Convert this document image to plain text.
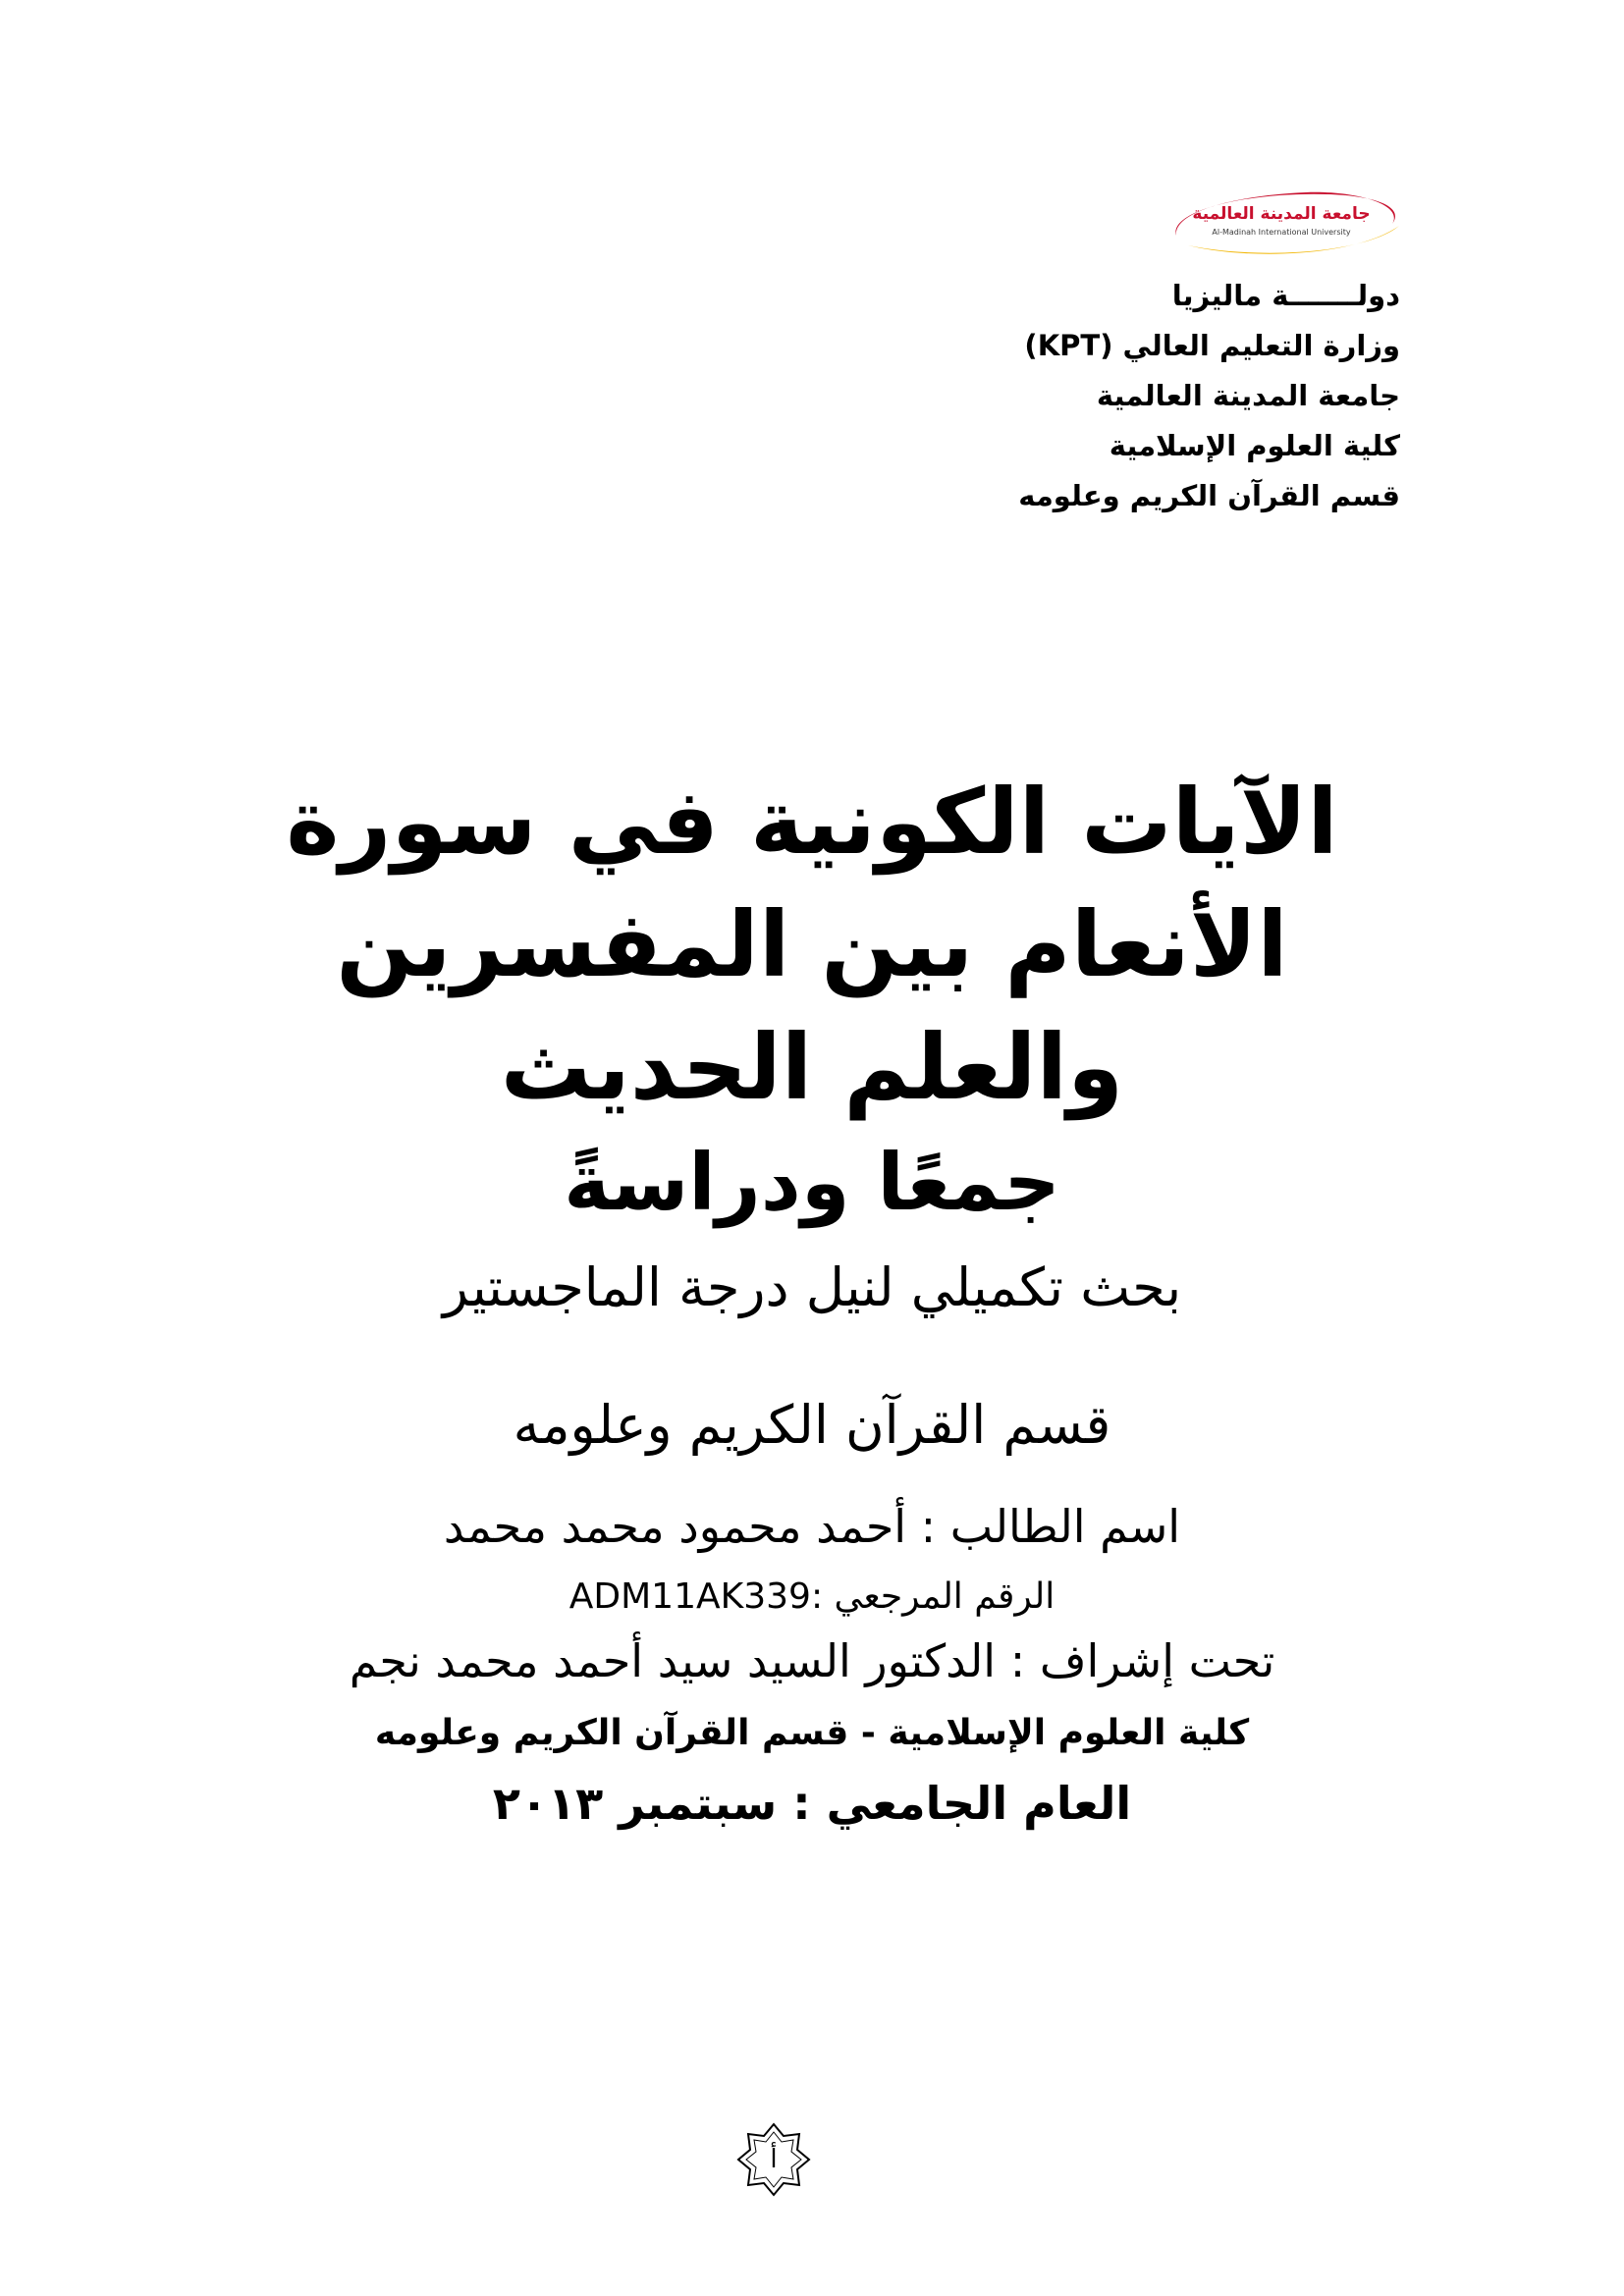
جامعة المدينة العالمية
Al-Madinah International University
دولـــــــة ماليزيا
وزارة التعليم العالي (KPT)
جامعة المدينة العالمية
كلية العلوم الإسلامية
قسم القرآن الكريم وعلومه
الآيات الكونية في سورة
الأنعام بين المفسرين
والعلم الحديث
جمعًا ودراسةً
بحث تكميلي لنيل درجة الماجستير
قسم القرآن الكريم وعلومه
اسم الطالب : أحمد محمود محمد محمد
الرقم المرجعي :ADM11AK339
تحت إشراف : الدكتور السيد سيد أحمد محمد نجم
كلية العلوم الإسلامية - قسم القرآن الكريم وعلومه
العام الجامعي : سبتمبر ٢٠١٣
أ
